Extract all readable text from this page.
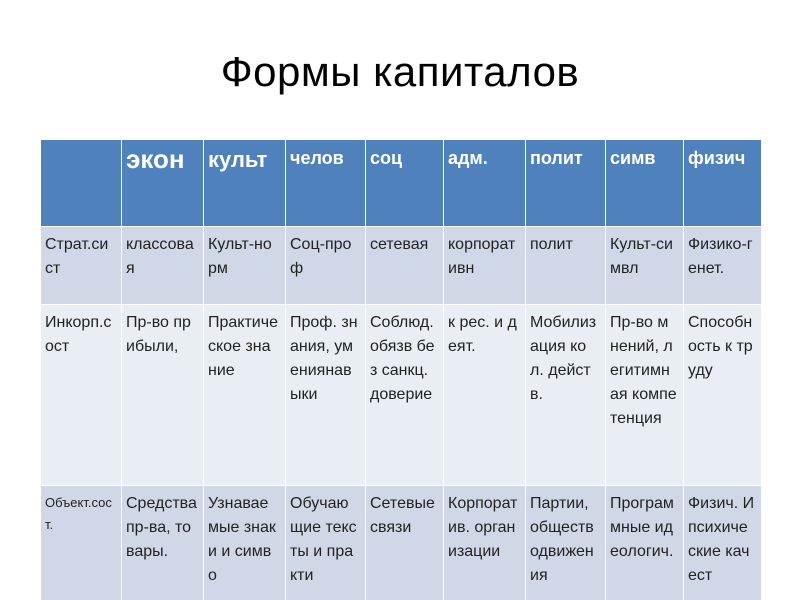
Формы капиталов
	экон	культ	челов	соц	адм.	полит	симв	физич
Страт.сист	классовая	Культ-норм	Соц-проф	сетевая	корпоративн	полит	Культ-симвл	Физико-генет.
Инкорп.сост	Пр-во прибыли,	Практическое знание	Проф. знания, умениянавыки	Соблюд. обязв без санкц. доверие	к рес. и деят.	Мобилизация кол. действ.	Пр-во мнений, легитимная компетенция	Способность к труду
Объект.сост.	Средства пр-ва, товары.	Узнаваемые знаки и симво	Обучающие тексты и практи	Сетевые связи	Корпоратив. организации	Партии, обществодвижения	Программные идеологич.	Физич. И психические качест
